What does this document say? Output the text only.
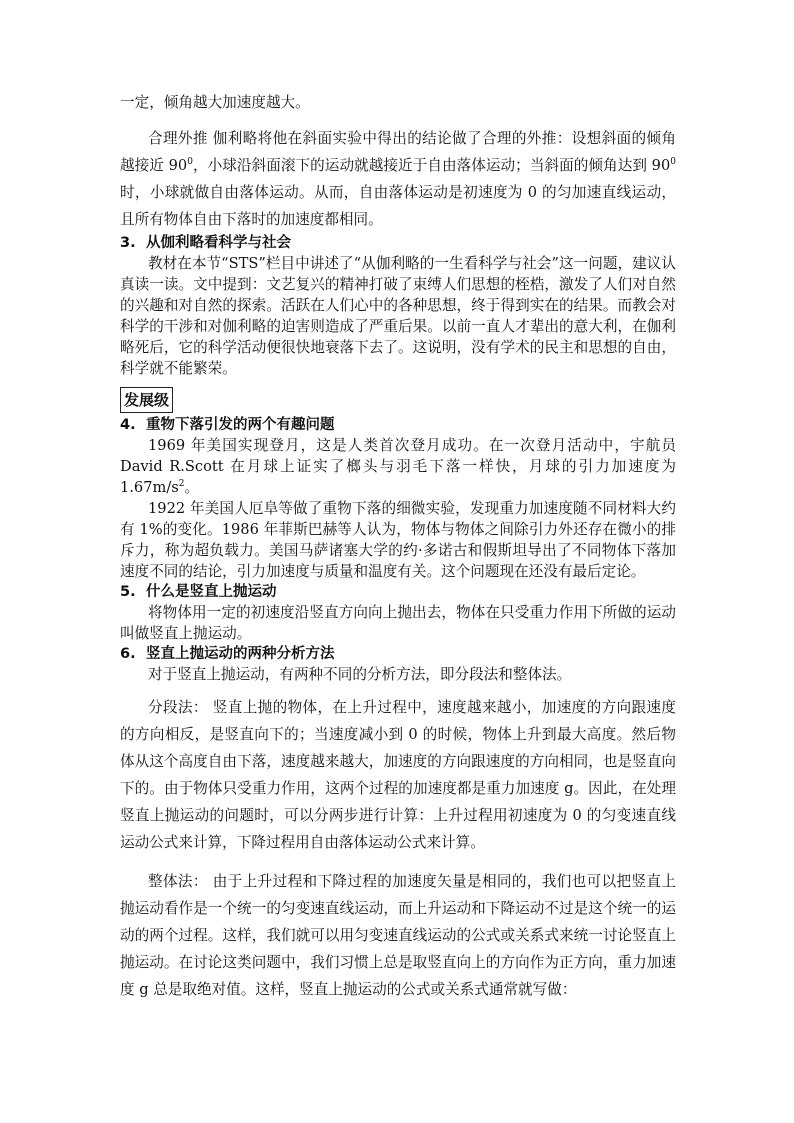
一定，倾角越大加速度越大。

合理外推 伽利略将他在斜面实验中得出的结论做了合理的外推：设想斜面的倾角越接近 $90^0$，小球沿斜面滚下的运动就越接近于自由落体运动；当斜面的倾角达到 $90^0$时，小球就做自由落体运动。从而，自由落体运动是初速度为 0 的匀加速直线运动，且所有物体自由下落时的加速度都相同。

3. 从伽利略看科学与社会

教材在本节“STS”栏目中讲述了“从伽利略的一生看科学与社会”这一问题，建议认真读一读。文中提到：文艺复兴的精神打破了束缚人们思想的桎梏，激发了人们对自然的兴趣和对自然的探索。活跃在人们心中的各种思想，终于得到实在的结果。而教会对科学的干涉和对伽利略的迫害则造成了严重后果。以前一直人才辈出的意大利，在伽利略死后，它的科学活动便很快地衰落下去了。这说明，没有学术的民主和思想的自由，科学就不能繁荣。

发展级

4. 重物下落引发的两个有趣问题

1969 年美国实现登月，这是人类首次登月成功。在一次登月活动中，宇航员 David R.Scott 在月球上证实了榔头与羽毛下落一样快，月球的引力加速度为 $1.67m/s^2$。

1922 年美国人厄阜等做了重物下落的细微实验，发现重力加速度随不同材料大约有 1%的变化。1986 年菲斯巴赫等人认为，物体与物体之间除引力外还存在微小的排斥力，称为超负载力。美国马萨诸塞大学的约·多诺古和假斯坦导出了不同物体下落加速度不同的结论，引力加速度与质量和温度有关。这个问题现在还没有最后定论。

5. 什么是竖直上抛运动

将物体用一定的初速度沿竖直方向向上抛出去，物体在只受重力作用下所做的运动叫做竖直上抛运动。

6. 竖直上抛运动的两种分析方法

对于竖直上抛运动，有两种不同的分析方法，即分段法和整体法。

分段法： 竖直上抛的物体，在上升过程中，速度越来越小，加速度的方向跟速度的方向相反，是竖直向下的；当速度减小到 0 的时候，物体上升到最大高度。然后物体从这个高度自由下落，速度越来越大，加速度的方向跟速度的方向相同，也是竖直向下的。由于物体只受重力作用，这两个过程的加速度都是重力加速度 g。因此，在处理竖直上抛运动的问题时，可以分两步进行计算：上升过程用初速度为 0 的匀变速直线运动公式来计算，下降过程用自由落体运动公式来计算。

整体法： 由于上升过程和下降过程的加速度矢量是相同的，我们也可以把竖直上抛运动看作是一个统一的匀变速直线运动，而上升运动和下降运动不过是这个统一的运动的两个过程。这样，我们就可以用匀变速直线运动的公式或关系式来统一讨论竖直上抛运动。在讨论这类问题中，我们习惯上总是取竖直向上的方向作为正方向，重力加速度 g 总是取绝对值。这样，竖直上抛运动的公式或关系式通常就写做：
